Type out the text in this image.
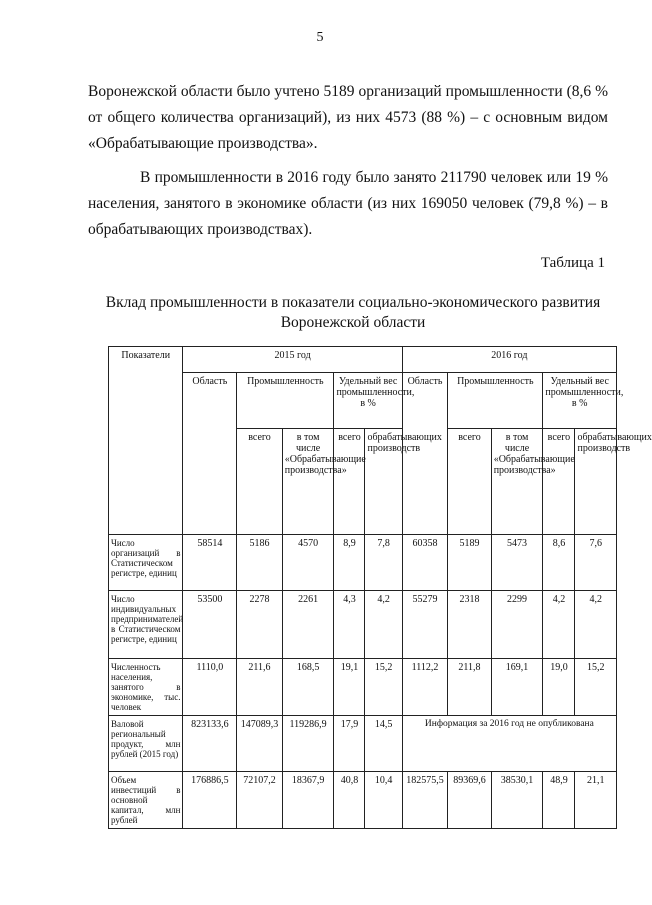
5
Воронежской области было учтено 5189 организаций промышленности (8,6 % от общего количества организаций), из них 4573 (88 %) – с основным видом «Обрабатывающие производства».
В промышленности в 2016 году было занято 211790 человек или 19 % населения, занятого в экономике области (из них 169050 человек (79,8 %) – в обрабатывающих производствах).
Таблица 1
Вклад промышленности в показатели социально-экономического развития Воронежской области
Показатели	2015 год					2016 год				
	Область	Промышленность		Удельный вес промышленности, в %		Область	Промышленность		Удельный вес промышленности, в %	
		всего	в том числе «Обрабатывающие производства»	всего	обрабатывающих производств		всего	в том числе «Обрабатывающие производства»	всего	обрабатывающих производств
Число организаций в Статистическом регистре, единиц	58514	5186	4570	8,9	7,8	60358	5189	5473	8,6	7,6
Число индивидуальных предпринимателей в Статистическом регистре, единиц	53500	2278	2261	4,3	4,2	55279	2318	2299	4,2	4,2
Численность населения, занятого в экономике, тыс. человек	1110,0	211,6	168,5	19,1	15,2	1112,2	211,8	169,1	19,0	15,2
Валовой региональный продукт, млн рублей (2015 год)	823133,6	147089,3	119286,9	17,9	14,5	Информация за 2016 год не опубликована				
Объем инвестиций в основной капитал, млн рублей	176886,5	72107,2	18367,9	40,8	10,4	182575,5	89369,6	38530,1	48,9	21,1
